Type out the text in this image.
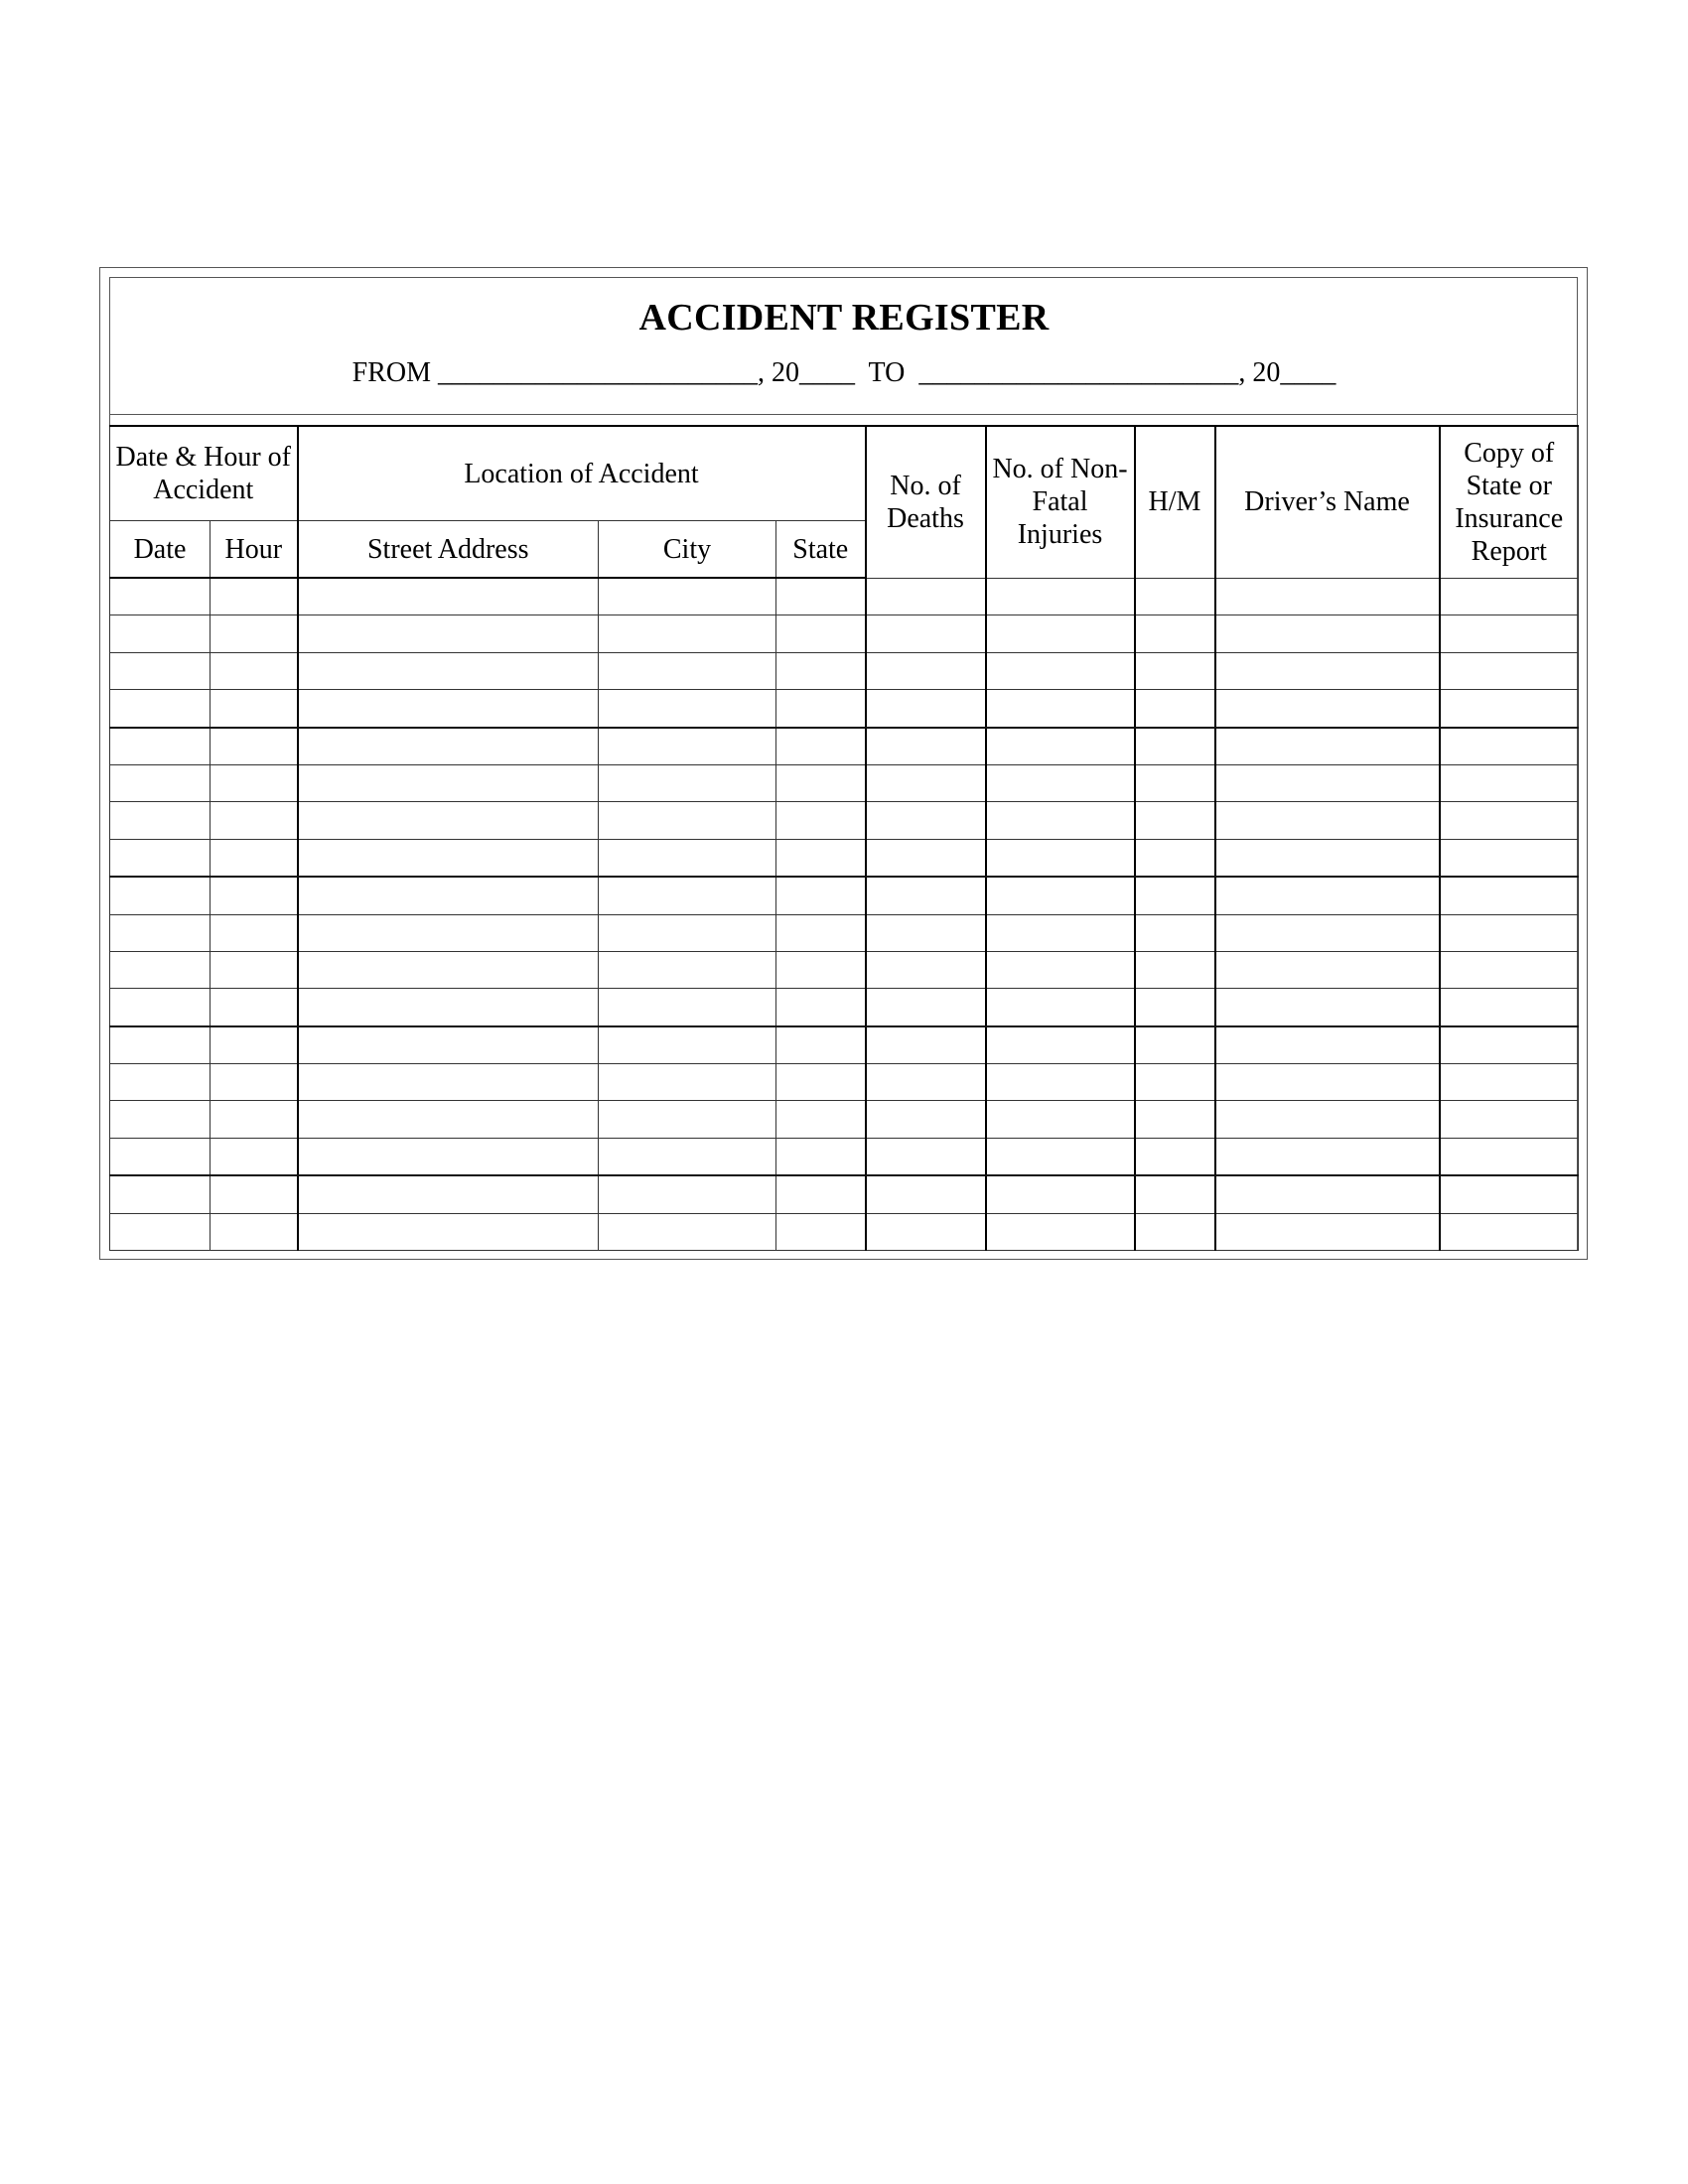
ACCIDENT REGISTER
FROM _______________________, 20____  TO  _______________________, 20____
Date & Hour of Accident		Location of Accident			No. of Deaths	No. of Non-Fatal Injuries	H/M	Driver’s Name	Copy of State or Insurance Report
Date	Hour	Street Address	City	State					
